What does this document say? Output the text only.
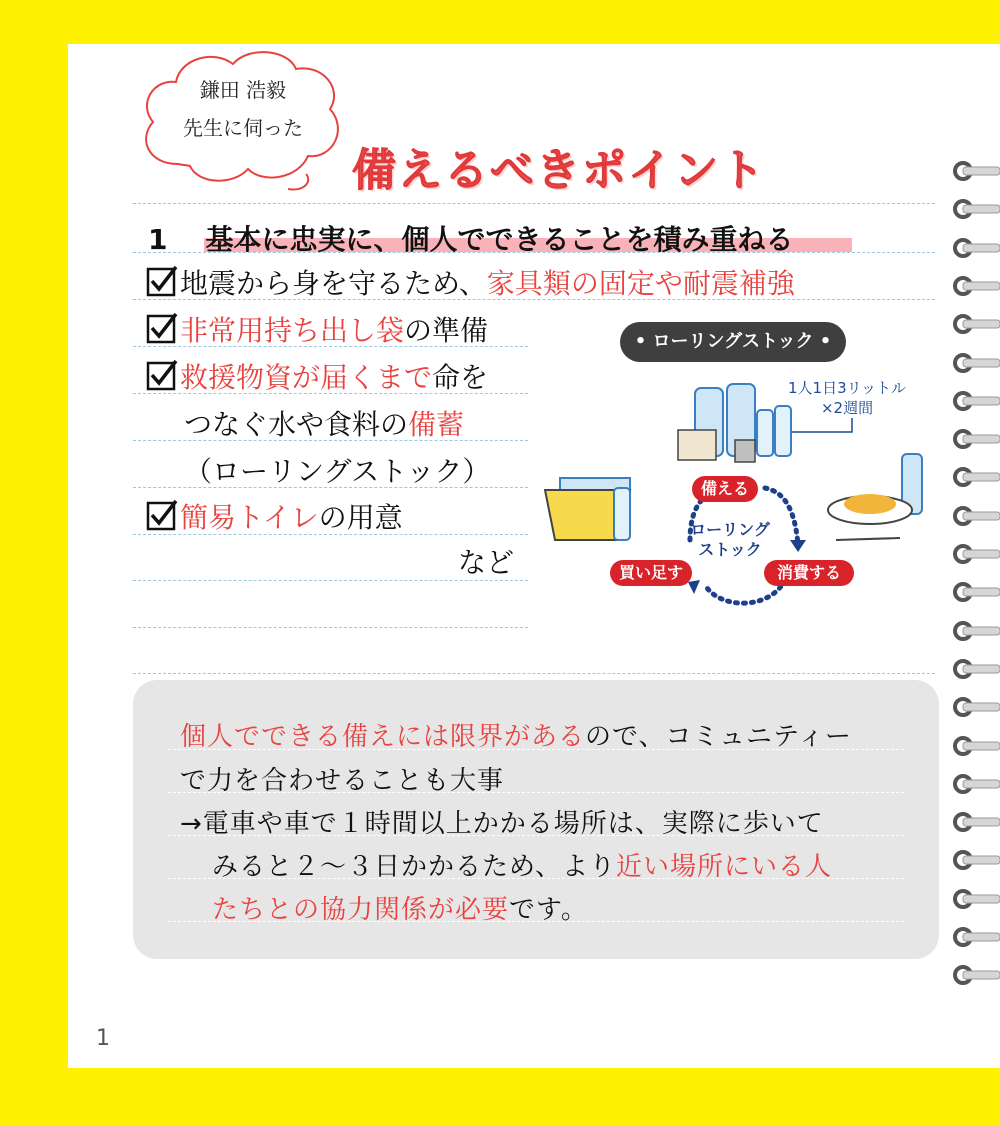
鎌田 浩毅
先生に伺った
備えるべきポイント
1 基本に忠実に、個人でできることを積み重ねる
地震から身を守るため、家具類の固定や耐震補強
非常用持ち出し袋の準備
救援物資が届くまで命を
つなぐ水や食料の備蓄
（ローリングストック）
簡易トイレの用意
など
• ローリングストック •
1人1日3リットル
×2週間
備える
買い足す	消費する
ローリング
ストック
個人でできる備えには限界があるので、コミュニティー
で力を合わせることも大事
→電車や車で１時間以上かかる場所は、実際に歩いて
みると２〜３日かかるため、より近い場所にいる人
たちとの協力関係が必要です。
1
